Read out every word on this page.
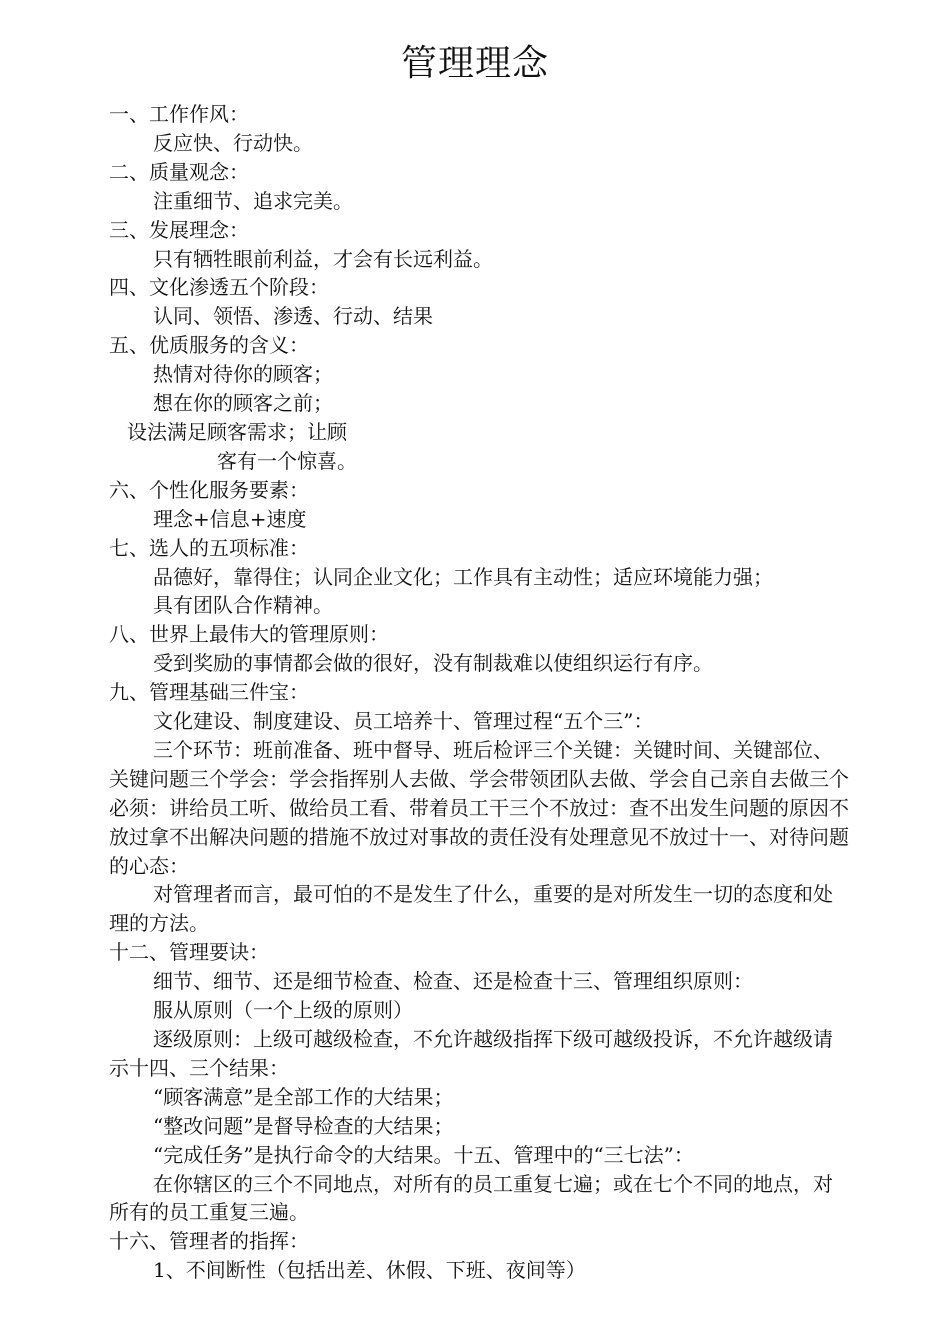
管理理念
一、工作作风：
反应快、行动快。
二、质量观念：
注重细节、追求完美。
三、发展理念：
只有牺牲眼前利益，才会有长远利益。
四、文化渗透五个阶段：
认同、领悟、渗透、行动、结果
五、优质服务的含义：
热情对待你的顾客；
想在你的顾客之前；
设法满足顾客需求；让顾
客有一个惊喜。
六、个性化服务要素：
理念+信息+速度
七、选人的五项标准：
品德好，靠得住；认同企业文化；工作具有主动性；适应环境能力强；
具有团队合作精神。
八、世界上最伟大的管理原则：
受到奖励的事情都会做的很好，没有制裁难以使组织运行有序。
九、管理基础三件宝：
文化建设、制度建设、员工培养十、管理过程“五个三”：
三个环节：班前准备、班中督导、班后检评三个关键：关键时间、关键部位、关键问题三个学会：学会指挥别人去做、学会带领团队去做、学会自己亲自去做三个必须：讲给员工听、做给员工看、带着员工干三个不放过：查不出发生问题的原因不放过拿不出解决问题的措施不放过对事故的责任没有处理意见不放过十一、对待问题的心态：
对管理者而言，最可怕的不是发生了什么，重要的是对所发生一切的态度和处理的方法。
十二、管理要诀：
细节、细节、还是细节检查、检查、还是检查十三、管理组织原则：
服从原则（一个上级的原则）
逐级原则：上级可越级检查，不允许越级指挥下级可越级投诉，不允许越级请示十四、三个结果：
“顾客满意”是全部工作的大结果；
“整改问题”是督导检查的大结果；
“完成任务”是执行命令的大结果。十五、管理中的“三七法”：
在你辖区的三个不同地点，对所有的员工重复七遍；或在七个不同的地点，对所有的员工重复三遍。
十六、管理者的指挥：
1、不间断性（包括出差、休假、下班、夜间等）
